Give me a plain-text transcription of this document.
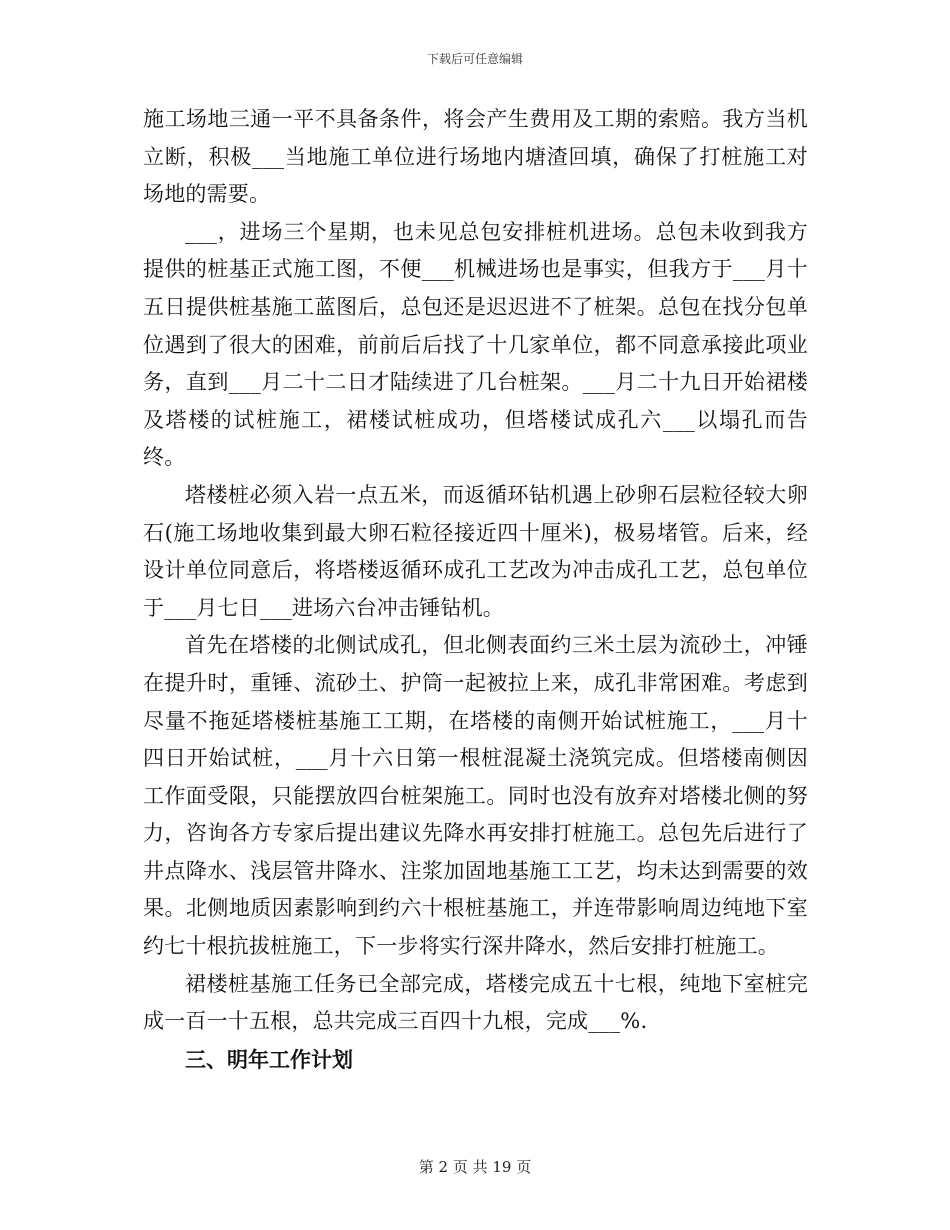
下载后可任意编辑

施工场地三通一平不具备条件，将会产生费用及工期的索赔。我方当机立断，积极___当地施工单位进行场地内塘渣回填，确保了打桩施工对场地的需要。

___，进场三个星期，也未见总包安排桩机进场。总包未收到我方提供的桩基正式施工图，不便___机械进场也是事实，但我方于___月十五日提供桩基施工蓝图后，总包还是迟迟进不了桩架。总包在找分包单位遇到了很大的困难，前前后后找了十几家单位，都不同意承接此项业务，直到___月二十二日才陆续进了几台桩架。___月二十九日开始裙楼及塔楼的试桩施工，裙楼试桩成功，但塔楼试成孔六___以塌孔而告终。

塔楼桩必须入岩一点五米，而返循环钻机遇上砂卵石层粒径较大卵石(施工场地收集到最大卵石粒径接近四十厘米)，极易堵管。后来，经设计单位同意后，将塔楼返循环成孔工艺改为冲击成孔工艺，总包单位于___月七日___进场六台冲击锤钻机。

首先在塔楼的北侧试成孔，但北侧表面约三米土层为流砂土，冲锤在提升时，重锤、流砂土、护筒一起被拉上来，成孔非常困难。考虑到尽量不拖延塔楼桩基施工工期，在塔楼的南侧开始试桩施工，___月十四日开始试桩，___月十六日第一根桩混凝土浇筑完成。但塔楼南侧因工作面受限，只能摆放四台桩架施工。同时也没有放弃对塔楼北侧的努力，咨询各方专家后提出建议先降水再安排打桩施工。总包先后进行了井点降水、浅层管井降水、注浆加固地基施工工艺，均未达到需要的效果。北侧地质因素影响到约六十根桩基施工，并连带影响周边纯地下室约七十根抗拔桩施工，下一步将实行深井降水，然后安排打桩施工。

裙楼桩基施工任务已全部完成，塔楼完成五十七根，纯地下室桩完成一百一十五根，总共完成三百四十九根，完成___%.

三、明年工作计划

第 2 页 共 19 页
